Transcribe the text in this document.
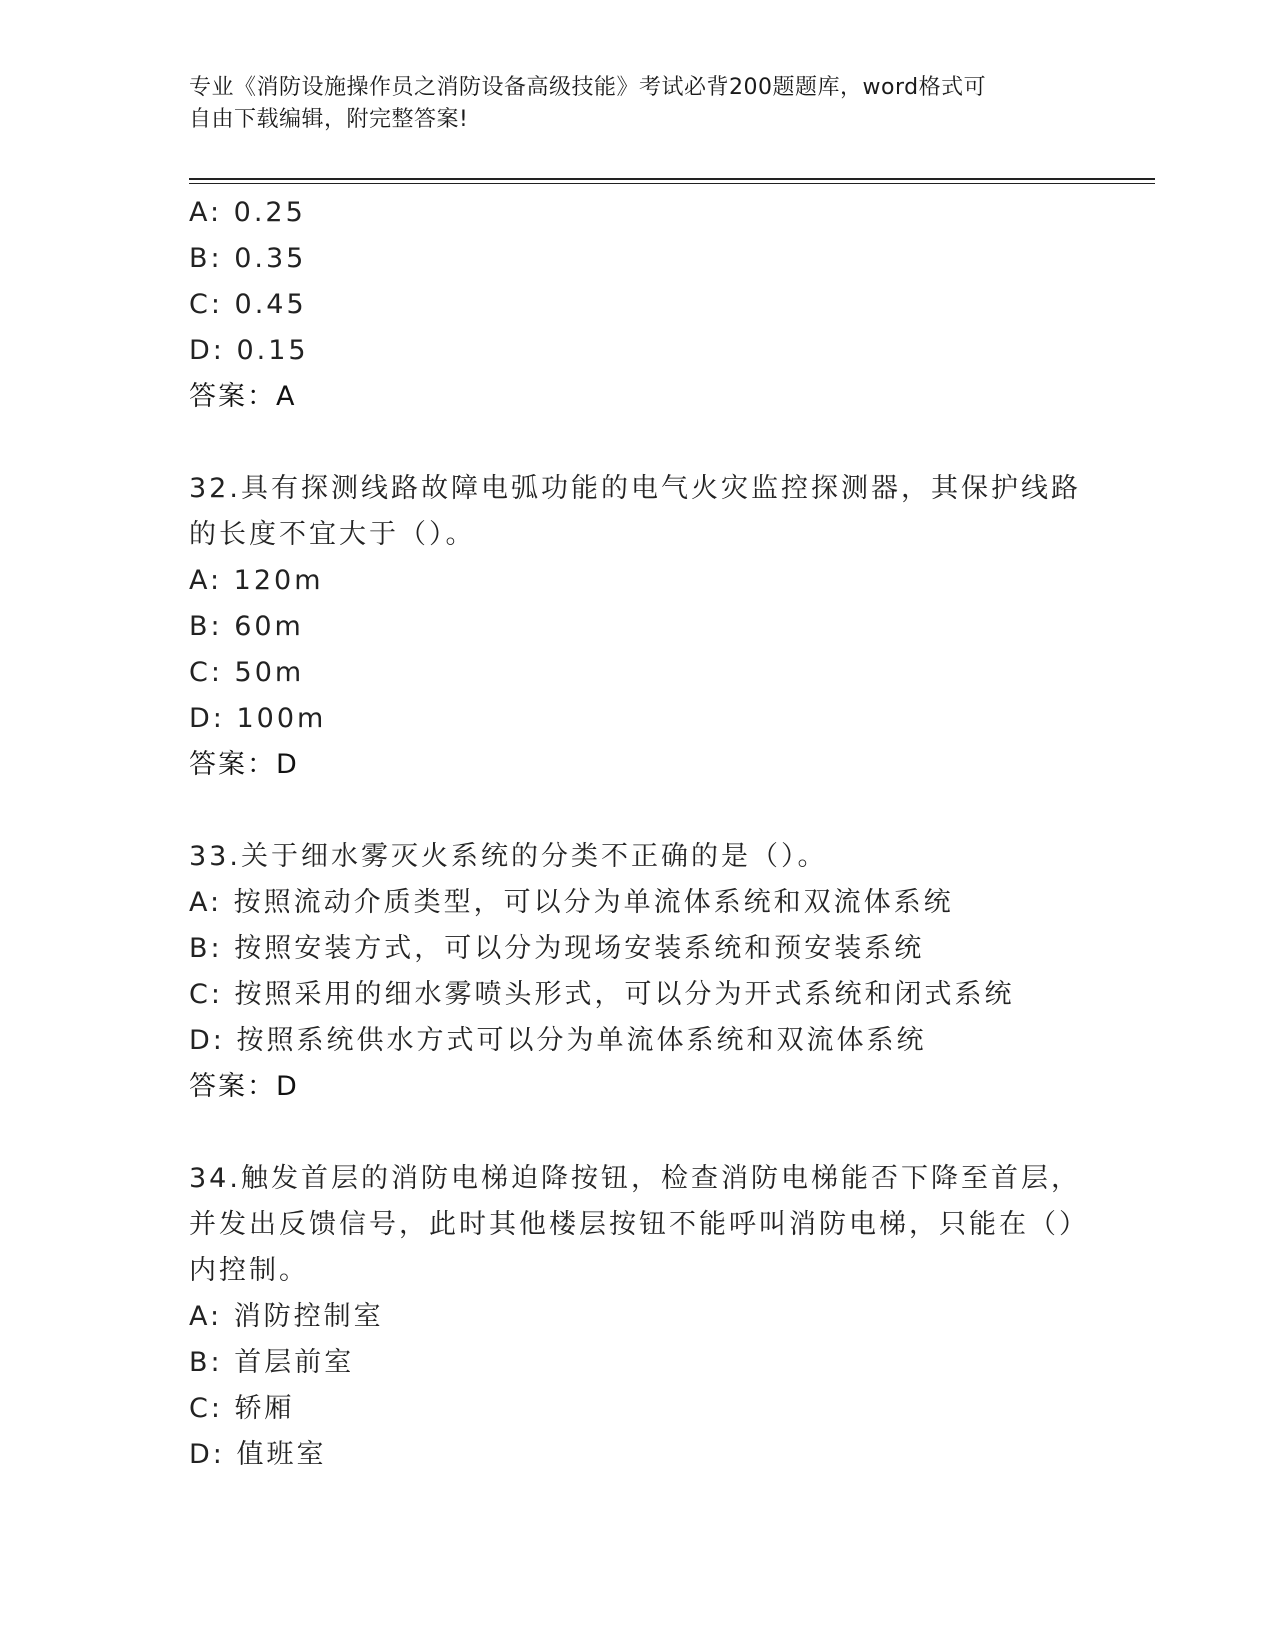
专业《消防设施操作员之消防设备高级技能》考试必背200题题库，word格式可
自由下载编辑，附完整答案!
A: 0.25
B: 0.35
C: 0.45
D: 0.15
答案：A
32.具有探测线路故障电弧功能的电气火灾监控探测器，其保护线路的长度不宜大于（）。
A: 120m
B: 60m
C: 50m
D: 100m
答案：D
33.关于细水雾灭火系统的分类不正确的是（）。
A: 按照流动介质类型，可以分为单流体系统和双流体系统
B: 按照安装方式，可以分为现场安装系统和预安装系统
C: 按照采用的细水雾喷头形式，可以分为开式系统和闭式系统
D: 按照系统供水方式可以分为单流体系统和双流体系统
答案：D
34.触发首层的消防电梯迫降按钮，检查消防电梯能否下降至首层，并发出反馈信号，此时其他楼层按钮不能呼叫消防电梯，只能在（）内控制。
A: 消防控制室
B: 首层前室
C: 轿厢
D: 值班室
